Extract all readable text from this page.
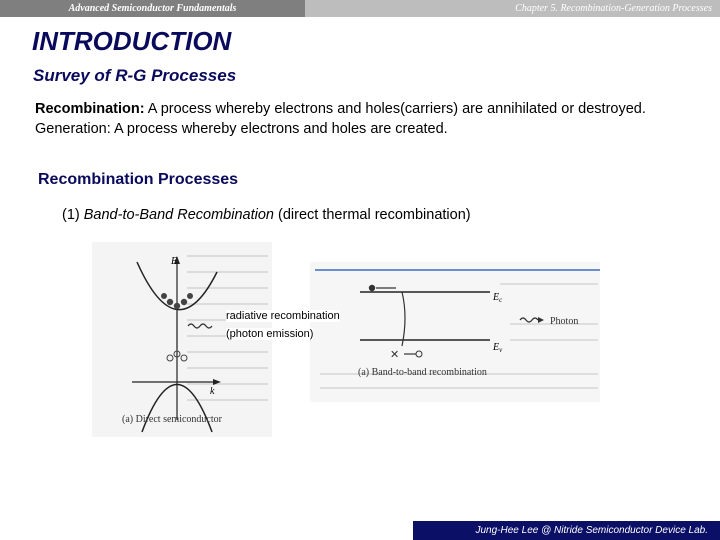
Advanced Semiconductor Fundamentals	Chapter 5. Recombination-Generation Processes
INTRODUCTION
Survey of R-G Processes
Recombination: A process whereby electrons and holes(carriers) are annihilated or destroyed.
Generation: A process whereby electrons and holes are created.
Recombination Processes
(1) Band-to-Band Recombination (direct thermal recombination)
E
k
(a) Direct semiconductor
$E_c$
$E_v$
✕
Photon
(a) Band-to-band recombination
radiative recombination
(photon emission)
Jung-Hee Lee @ Nitride Semiconductor Device Lab.
